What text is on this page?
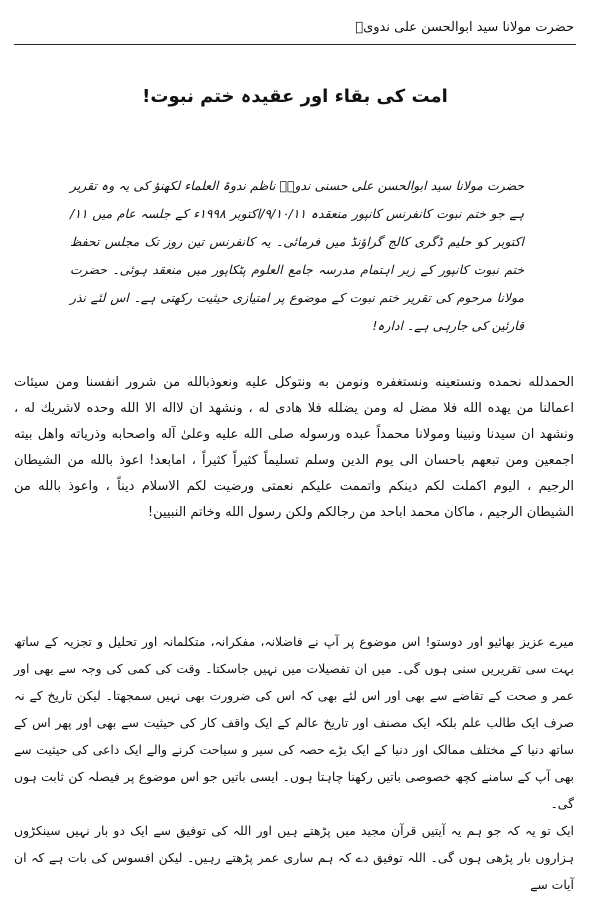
حضرت مولانا سید ابوالحسن علی ندویؒ
امت کی بقاء اور عقیدہ ختم نبوت!

حضرت مولانا سید ابوالحسن علی حسنی ندویؒ ناظم ندوۃ العلماء لکھنؤ کی یہ وہ تقریر ہے جو ختم نبوت کانفرنس کانپور منعقدہ ۹/۱۰/۱۱/اکتوبر ۱۹۹۸ء کے جلسہ عام میں ۱۱/اکتوبر کو حلیم ڈگری کالج گراؤنڈ میں فرمائی۔ یہ کانفرنس تین روز تک مجلس تحفظ ختم نبوت کانپور کے زیر اہتمام مدرسہ جامع العلوم پٹکاپور میں منعقد ہوئی۔ حضرت مولانا مرحوم کی تقریر ختم نبوت کے موضوع پر امتیازی حیثیت رکھتی ہے۔ اس لئے نذر قارئین کی جارہی ہے۔ ادارہ!

الحمدلله نحمده ونستعينه ونستغفره ونومن به ونتوكل عليه ونعوذبالله من شرور انفسنا ومن سيئات اعمالنا من يهده الله فلا مضل له ومن يضلله فلا هادى له ، ونشهد ان لااله الا الله وحده لاشريك له ، ونشهد ان سيدنا ونبينا ومولانا محمداً عبده ورسوله صلى الله عليه وعلىٰ آله واصحابه وذرياته واهل بيته اجمعين ومن تبعهم باحسان الى يوم الدين وسلم تسليماً كثيراً كثيراً ، امابعد! اعوذ بالله من الشيطان الرجيم ، اليوم اكملت لكم دينكم واتممت عليكم نعمتى ورضيت لكم الاسلام ديناً ، واعوذ بالله من الشيطان الرجيم ، ماكان محمد اباحد من رجالكم ولكن رسول الله وخاتم النبيين!

میرے عزیز بھائیو اور دوستو! اس موضوع پر آپ نے فاضلانہ، مفکرانہ، متکلمانہ اور تحلیل و تجزیہ کے ساتھ بہت سی تقریریں سنی ہوں گی۔ میں ان تفصیلات میں نہیں جاسکتا۔ وقت کی کمی کی وجہ سے بھی اور عمر و صحت کے تقاضے سے بھی اور اس لئے بھی کہ اس کی ضرورت بھی نہیں سمجھتا۔ لیکن تاریخ کے نہ صرف ایک طالب علم بلکہ ایک مصنف اور تاریخ عالم کے ایک واقف کار کی حیثیت سے بھی اور پھر اس کے ساتھ دنیا کے مختلف ممالک اور دنیا کے ایک بڑے حصہ کی سیر و سیاحت کرنے والے ایک داعی کی حیثیت سے بھی آپ کے سامنے کچھ خصوصی باتیں رکھنا چاہتا ہوں۔ ایسی باتیں جو اس موضوع پر فیصلہ کن ثابت ہوں گی۔

ایک تو یہ کہ جو ہم یہ آیتیں قرآن مجید میں پڑھتے ہیں اور اللہ کی توفیق سے ایک دو بار نہیں سینکڑوں ہزاروں بار پڑھی ہوں گی۔ اللہ توفیق دے کہ ہم ساری عمر پڑھتے رہیں۔ لیکن افسوس کی بات ہے کہ ان آیات سے
